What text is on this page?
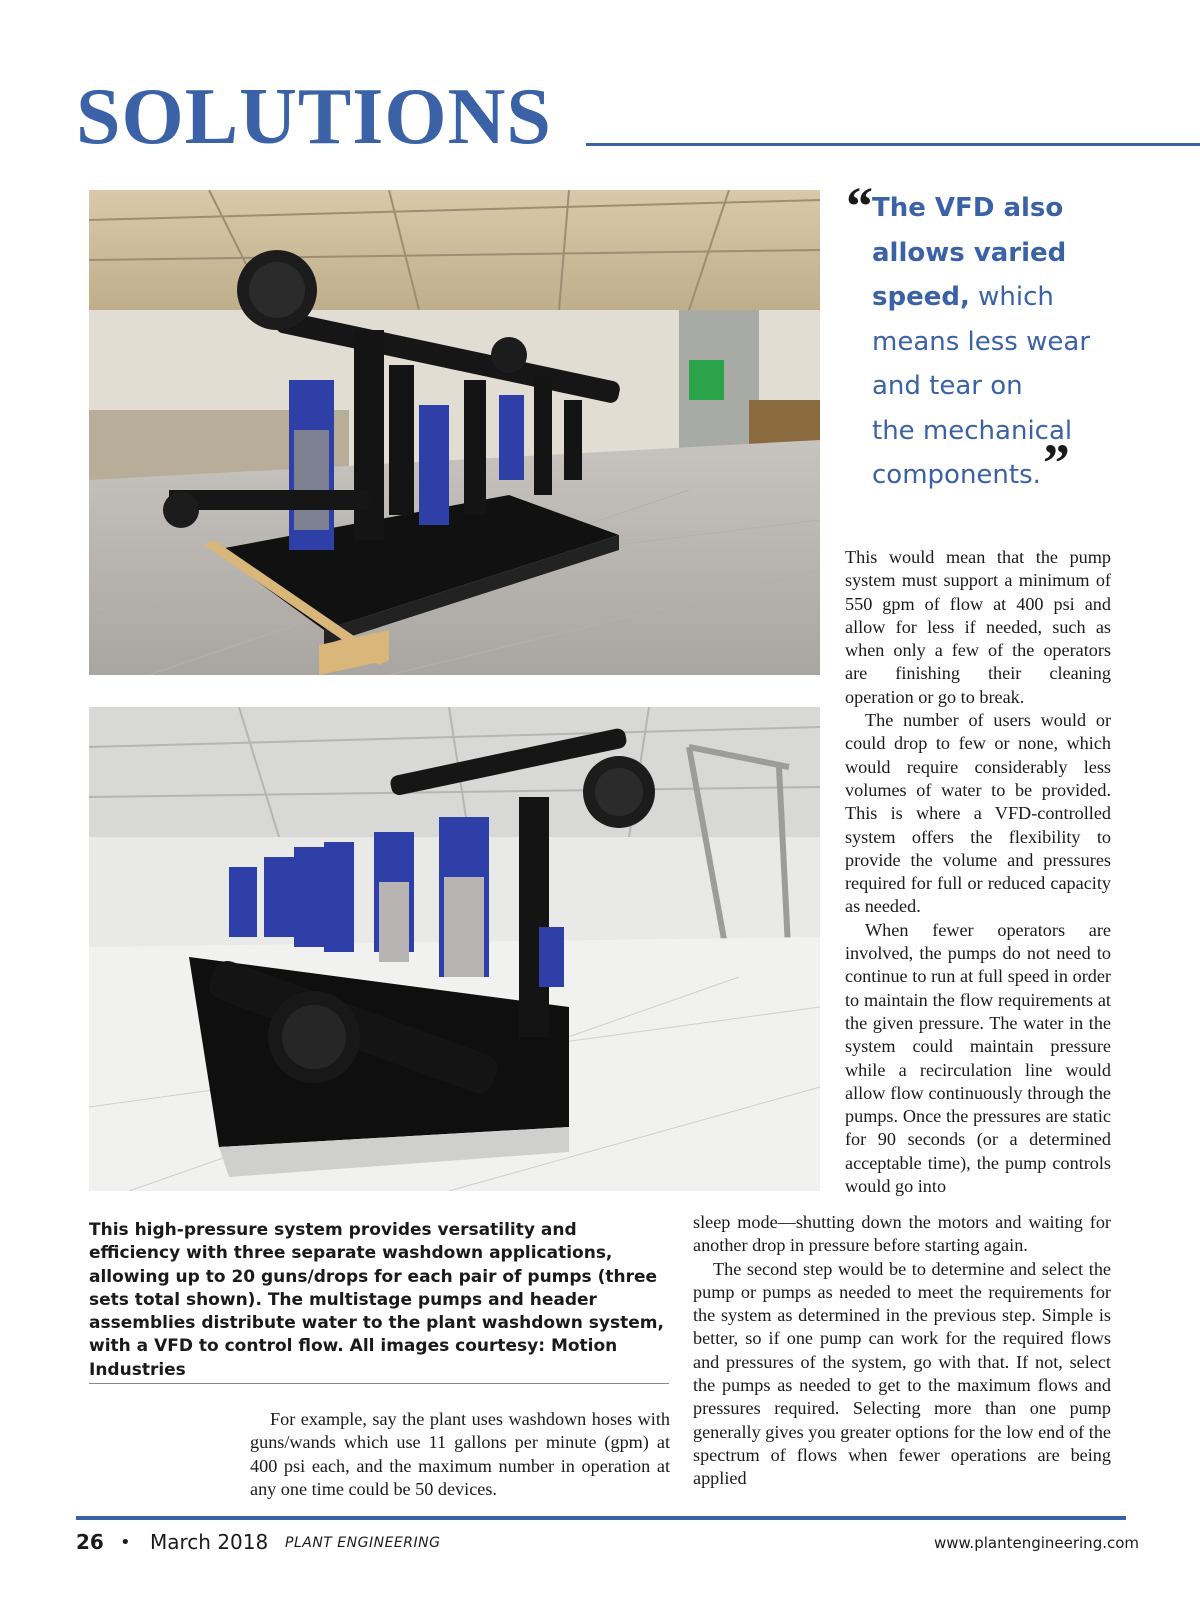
SOLUTIONS
“ The VFD also
allows varied
speed, which
means less wear
and tear on
the mechanical
components.”

This would mean that the pump system must support a minimum of 550 gpm of flow at 400 psi and allow for less if needed, such as when only a few of the operators are finishing their cleaning operation or go to break.

The number of users would or could drop to few or none, which would require considerably less volumes of water to be provided. This is where a VFD-controlled system offers the flexibility to provide the volume and pressures required for full or reduced capacity as needed.

When fewer operators are involved, the pumps do not need to continue to run at full speed in order to maintain the flow requirements at the given pressure. The water in the system could maintain pressure while a recirculation line would allow flow continuously through the pumps. Once the pressures are static for 90 seconds (or a determined acceptable time), the pump controls would go into

This high-pressure system provides versatility and efficiency with three separate washdown applications, allowing up to 20 guns/drops for each pair of pumps (three sets total shown). The multistage pumps and header assemblies distribute water to the plant washdown system, with a VFD to control flow. All images courtesy: Motion Industries

sleep mode—shutting down the motors and waiting for another drop in pressure before starting again.

The second step would be to determine and select the pump or pumps as needed to meet the requirements for the system as determined in the previous step. Simple is better, so if one pump can work for the required flows and pressures of the system, go with that. If not, select the pumps as needed to get to the maximum flows and pressures required. Selecting more than one pump generally gives you greater options for the low end of the spectrum of flows when fewer operations are being applied

For example, say the plant uses washdown hoses with guns/wands which use 11 gallons per minute (gpm) at 400 psi each, and the maximum number in operation at any one time could be 50 devices.

26 • March 2018 PLANT ENGINEERING	www.plantengineering.com
